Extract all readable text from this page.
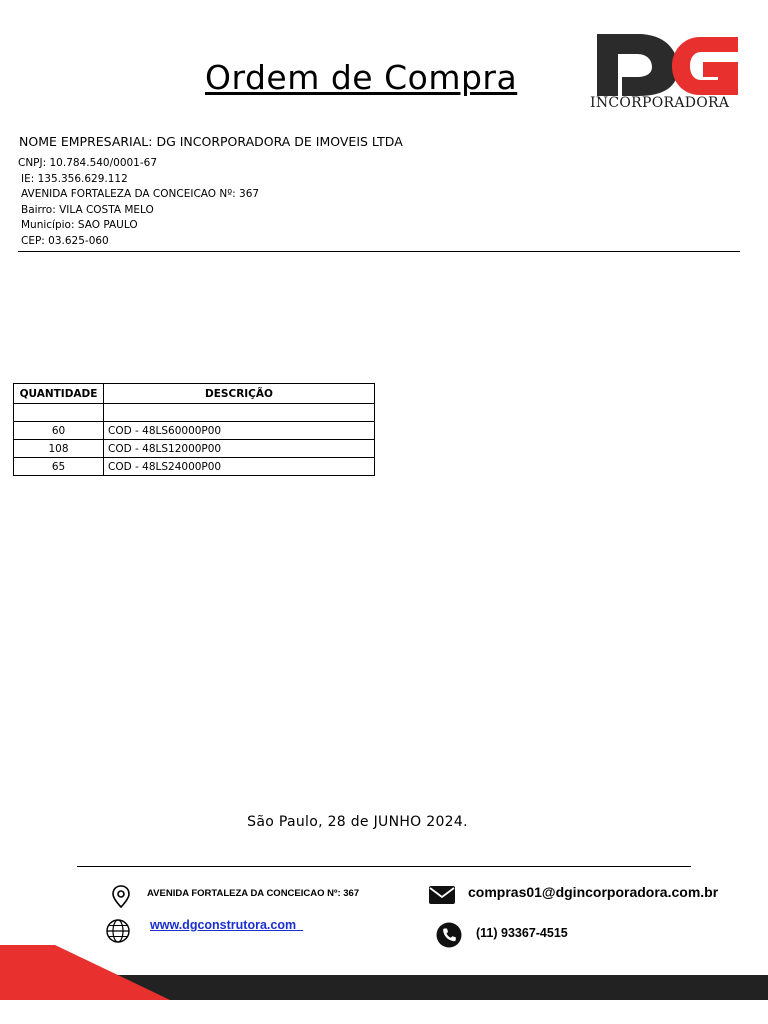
Ordem de Compra
INCORPORADORA
NOME EMPRESARIAL: DG INCORPORADORA DE IMOVEIS LTDA
CNPJ: 10.784.540/0001-67
IE: 135.356.629.112
AVENIDA FORTALEZA DA CONCEICAO Nº: 367
Bairro: VILA COSTA MELO
Município: SAO PAULO
CEP: 03.625-060
QUANTIDADE	DESCRIÇÃO

60	COD - 48LS60000P00
108	COD - 48LS12000P00
65	COD - 48LS24000P00
São Paulo, 28 de JUNHO 2024.
AVENIDA FORTALEZA DA CONCEICAO Nº: 367
www.dgconstrutora.com_
compras01@dgincorporadora.com.br
(11) 93367-4515
